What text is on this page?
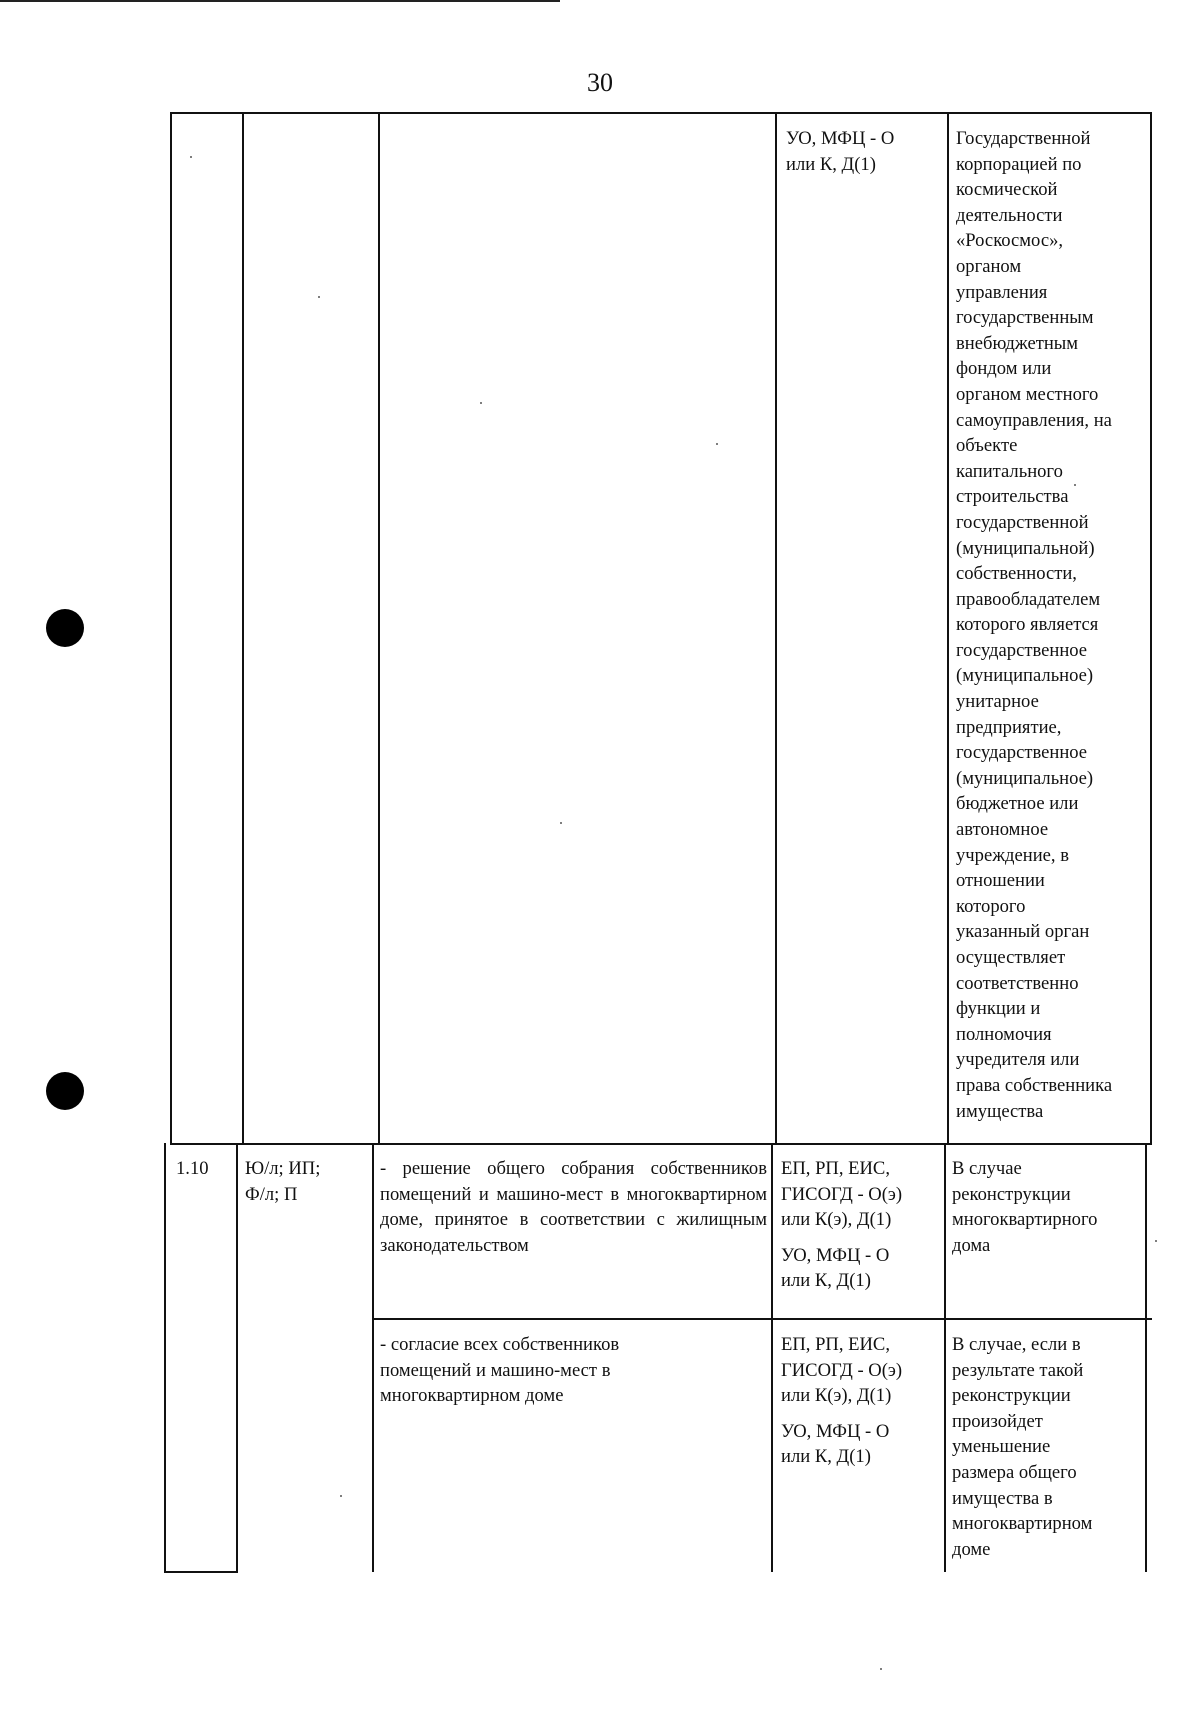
30
УО, МФЦ - О
или К, Д(1)
Государственной
корпорацией по
космической
деятельности
«Роскосмос»,
органом
управления
государственным
внебюджетным
фондом или
органом местного
самоуправления, на
объекте
капитального
строительства
государственной
(муниципальной)
собственности,
правообладателем
которого является
государственное
(муниципальное)
унитарное
предприятие,
государственное
(муниципальное)
бюджетное или
автономное
учреждение, в
отношении
которого
указанный орган
осуществляет
соответственно
функции и
полномочия
учредителя или
права собственника
имущества
1.10	Ю/л; ИП;
Ф/л; П
- решение общего собрания собственников помещений и машино-мест в многоквартирном доме, принятое в соответствии с жилищным законодательством
ЕП, РП, ЕИС,
ГИСОГД - О(э)
или К(э), Д(1)
УО, МФЦ - О
или К, Д(1)
В случае
реконструкции
многоквартирного
дома
- согласие всех собственников
помещений и машино-мест в
многоквартирном доме
ЕП, РП, ЕИС,
ГИСОГД - О(э)
или К(э), Д(1)
УО, МФЦ - О
или К, Д(1)
В случае, если в
результате такой
реконструкции
произойдет
уменьшение
размера общего
имущества в
многоквартирном
доме
